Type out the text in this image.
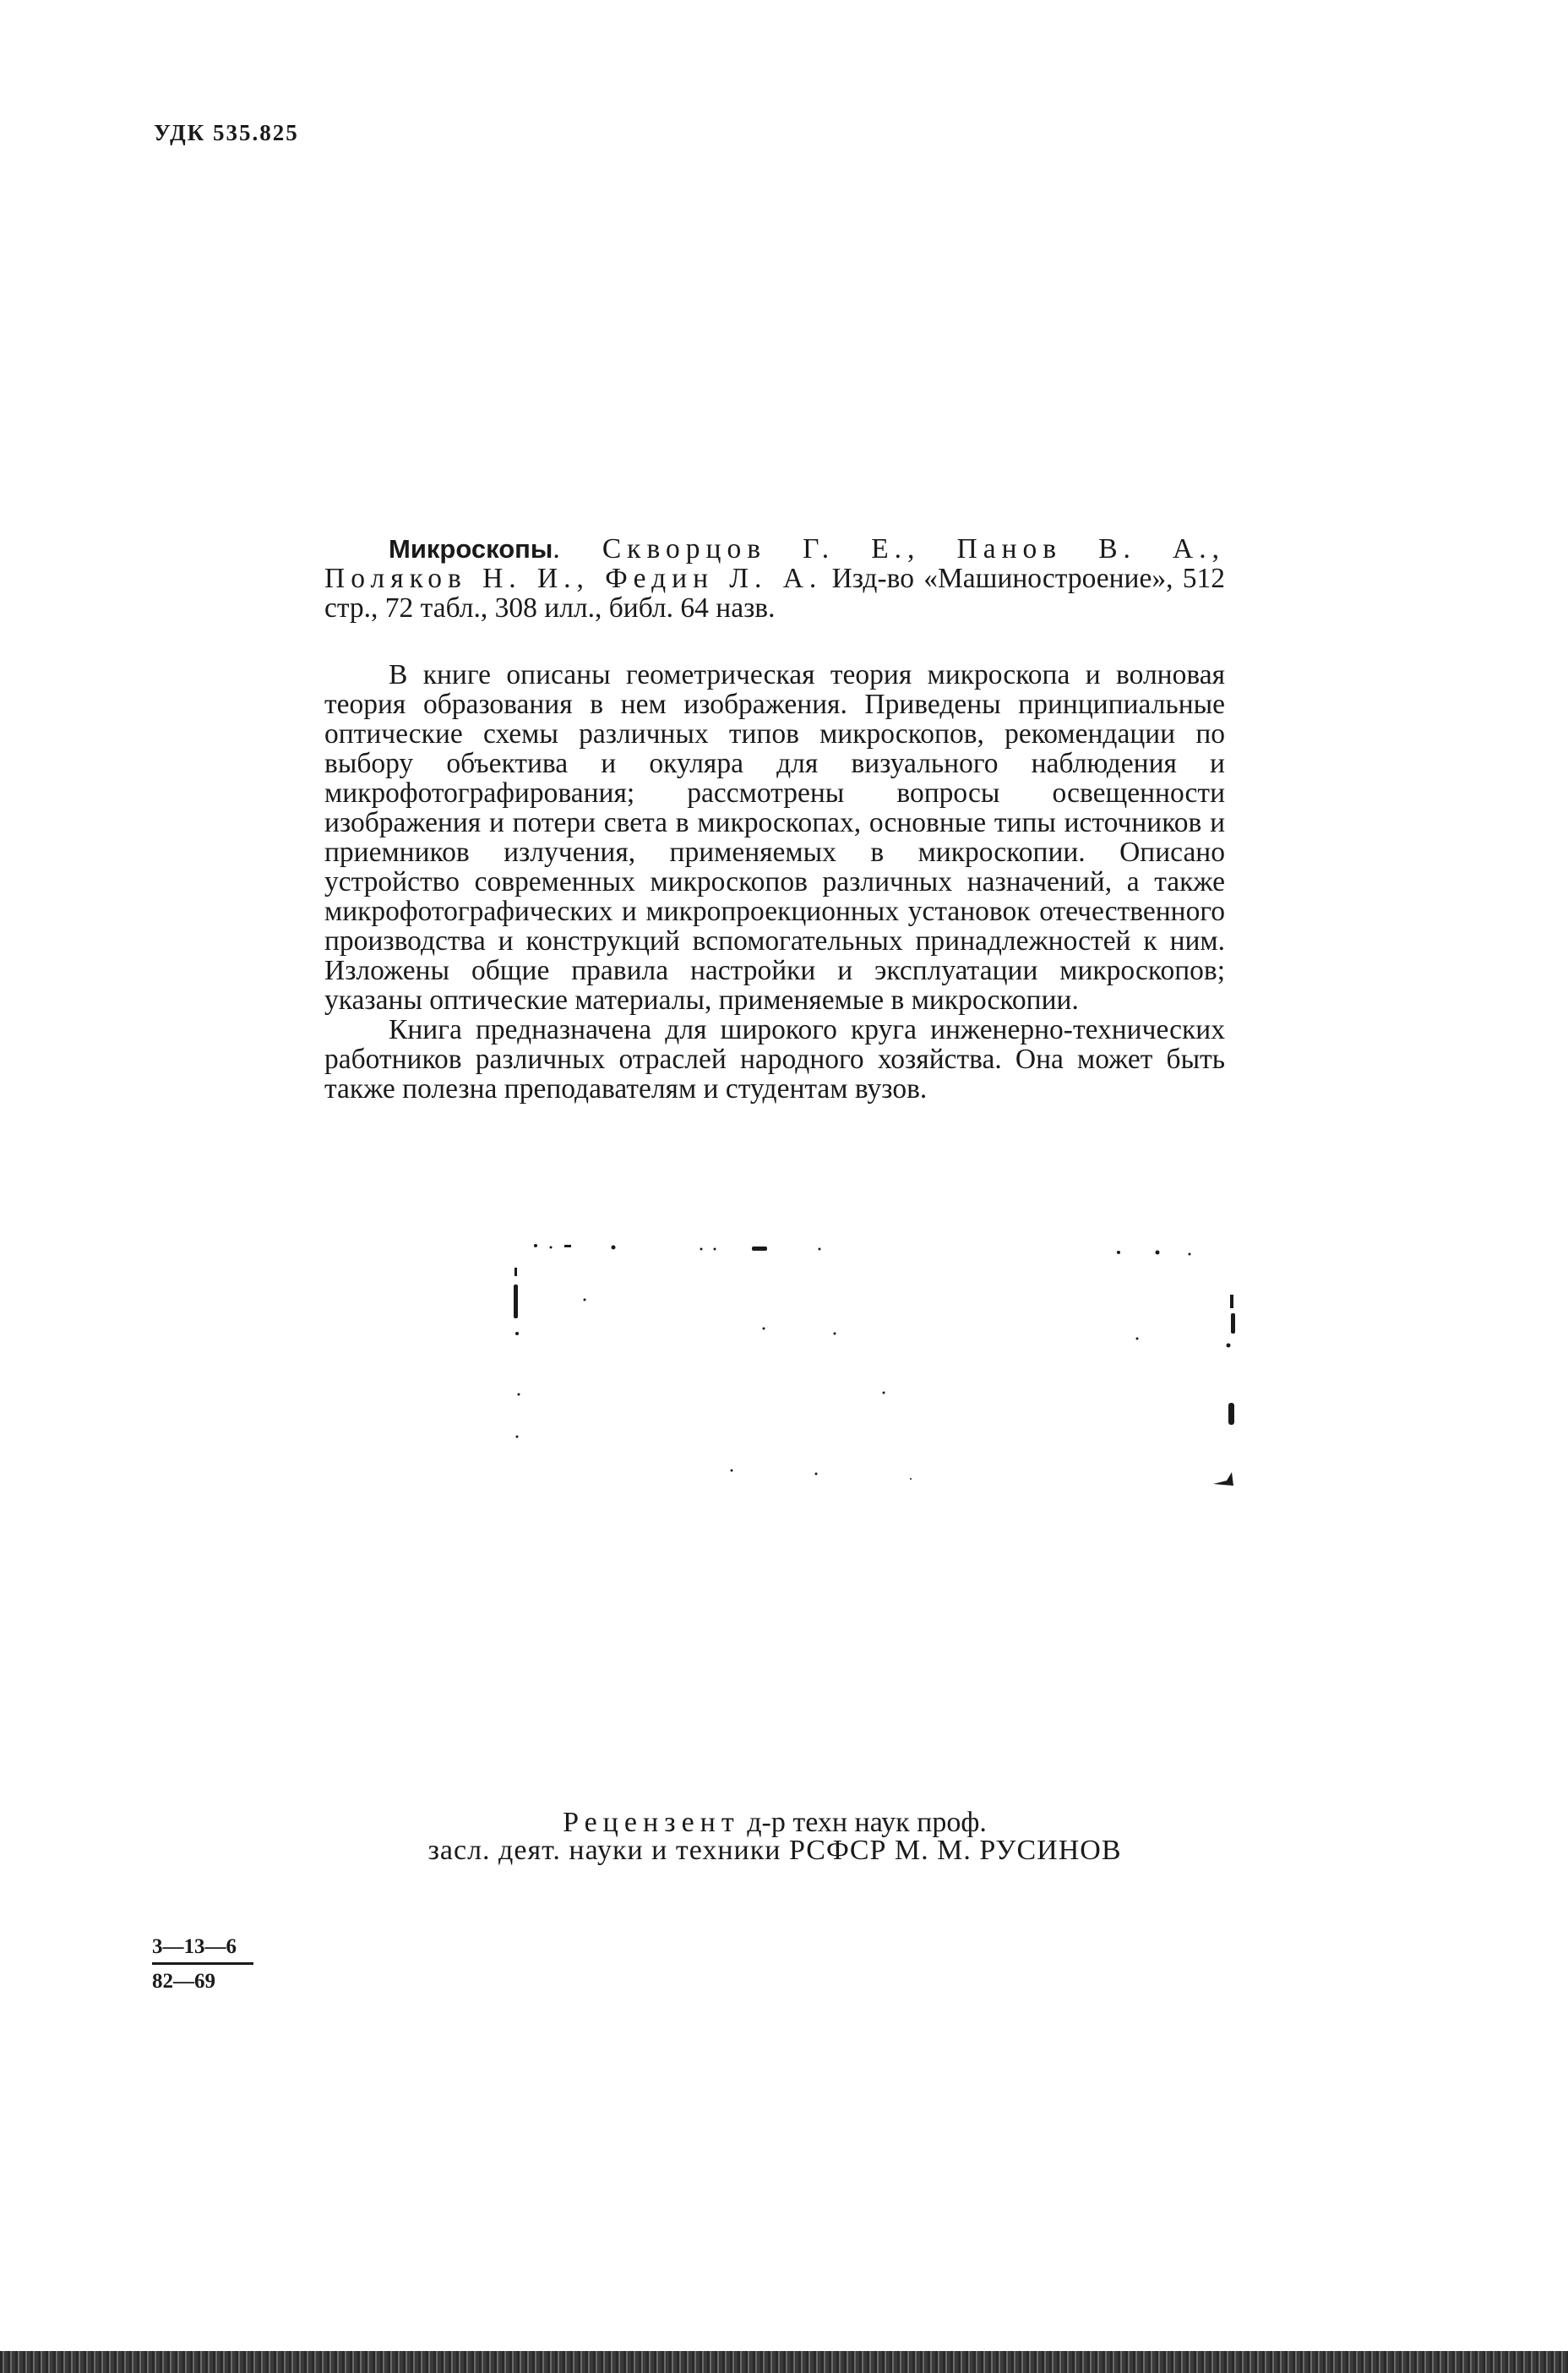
УДК 535.825

Микроскопы. Скворцов Г. Е., Панов В. А., Поляков Н. И., Федин Л. А. Изд-во «Машиностроение», 512 стр., 72 табл., 308 илл., библ. 64 назв.

В книге описаны геометрическая теория микроскопа и волновая теория образования в нем изображения. Приведены принципиальные оптические схемы различных типов микроскопов, рекомендации по выбору объектива и окуляра для визуального наблюдения и микрофотографирования; рассмотрены вопросы освещенности изображения и потери света в микроскопах, основные типы источников и приемников излучения, применяемых в микроскопии. Описано устройство современных микроскопов различных назначений, а также микрофотографических и микропроекционных установок отечественного производства и конструкций вспомогательных принадлежностей к ним. Изложены общие правила настройки и эксплуатации микроскопов; указаны оптические материалы, применяемые в микроскопии.

Книга предназначена для широкого круга инженерно-технических работников различных отраслей народного хозяйства. Она может быть также полезна преподавателям и студентам вузов.

Рецензент д-р техн наук проф.
засл. деят. науки и техники РСФСР М. М. РУСИНОВ
$\frac{3—13—6}{82—69}$
